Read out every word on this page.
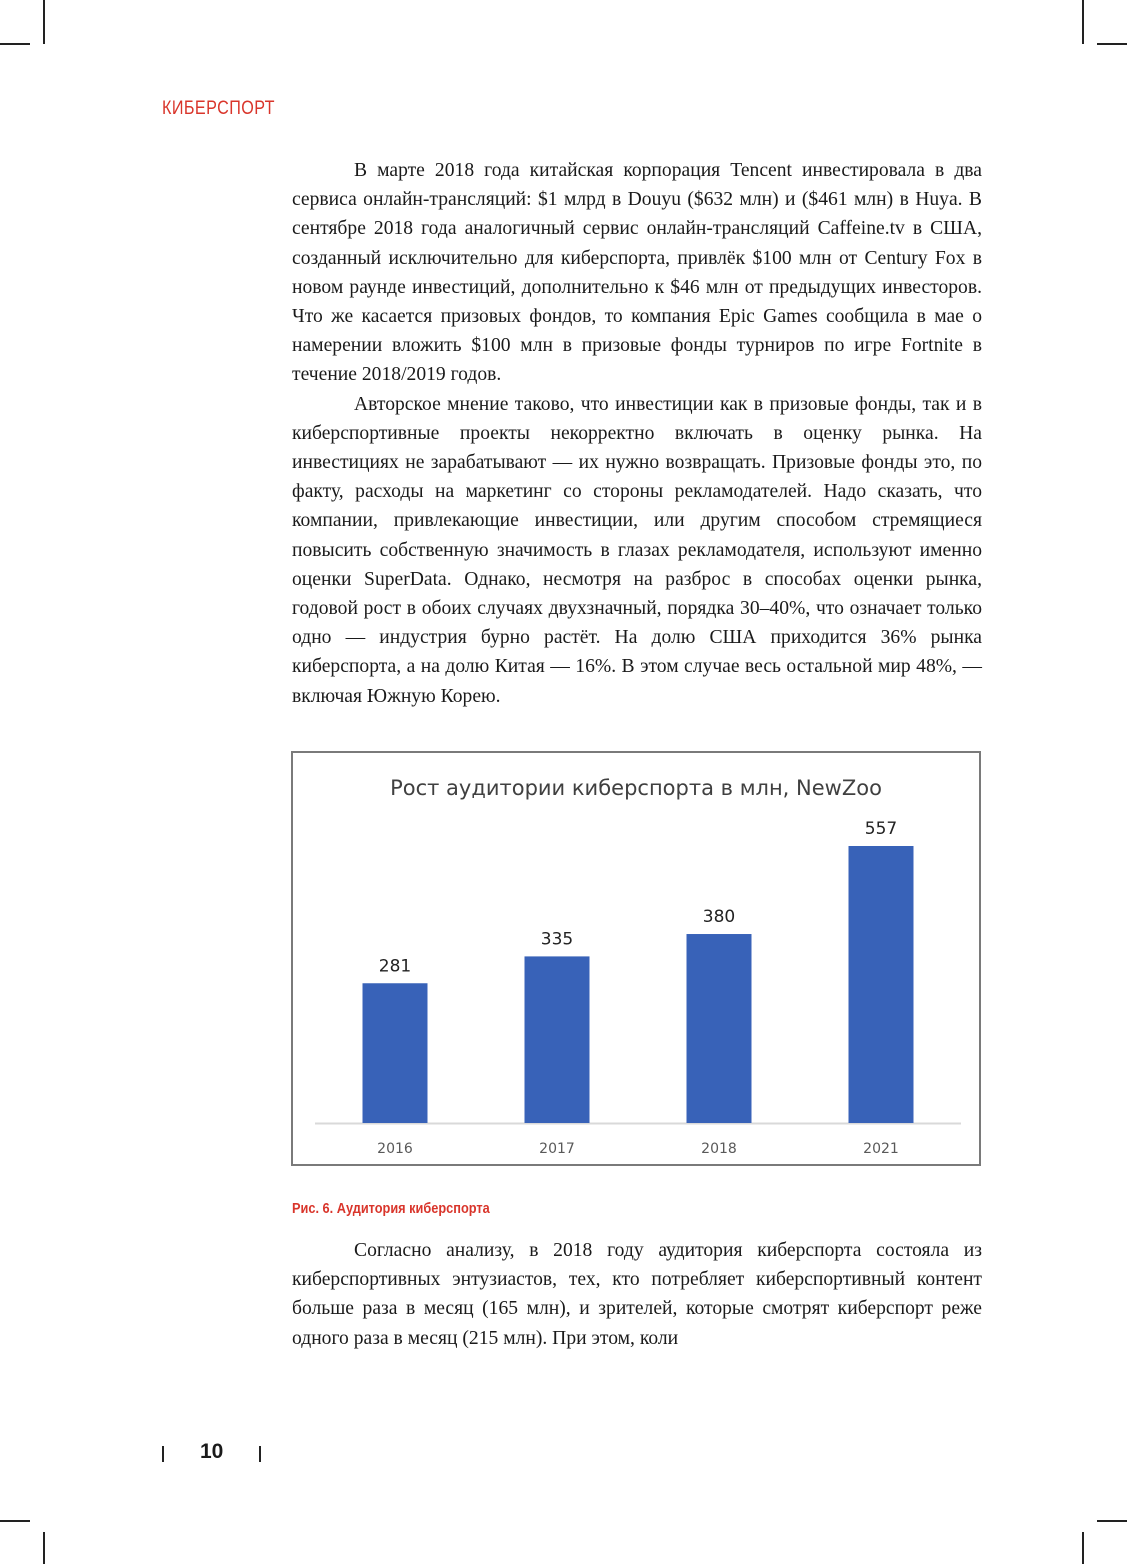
КИБЕРСПОРТ

В марте 2018 года китайская корпорация Tencent инвестировала в два сервиса онлайн-трансляций: $1 млрд в Douyu ($632 млн) и ($461 млн) в Huya. В сентябре 2018 года аналогичный сервис онлайн-трансляций Caffeine.tv в США, созданный исключительно для киберспорта, привлёк $100 млн от Century Fox в новом раунде инвестиций, дополнительно к $46 млн от предыдущих инвесторов. Что же касается призовых фондов, то компания Epic Games сообщила в мае о намерении вложить $100 млн в призовые фонды турниров по игре Fortnite в течение 2018/2019 годов.

Авторское мнение таково, что инвестиции как в призовые фонды, так и в киберспортивные проекты некорректно включать в оценку рынка. На инвестициях не зарабатывают — их нужно возвращать. Призовые фонды это, по факту, расходы на маркетинг со стороны рекламодателей. Надо сказать, что компании, привлекающие инвестиции, или другим способом стремящиеся повысить собственную значимость в глазах рекламодателя, используют именно оценки SuperData. Однако, несмотря на разброс в способах оценки рынка, годовой рост в обоих случаях двухзначный, порядка 30–40%, что означает только одно — индустрия бурно растёт. На долю США приходится 36% рынка киберспорта, а на долю Китая — 16%. В этом случае весь остальной мир 48%, — включая Южную Корею.

Рост аудитории киберспорта в млн, NewZoo
281
2016
335
2017
380
2018
557
2021
Рис. 6. Аудитория киберспорта

Согласно анализу, в 2018 году аудитория киберспорта состояла из киберспортивных энтузиастов, тех, кто потребляет киберспортивный контент больше раза в месяц (165 млн), и зрителей, которые смотрят киберспорт реже одного раза в месяц (215 млн). При этом, коли

10
